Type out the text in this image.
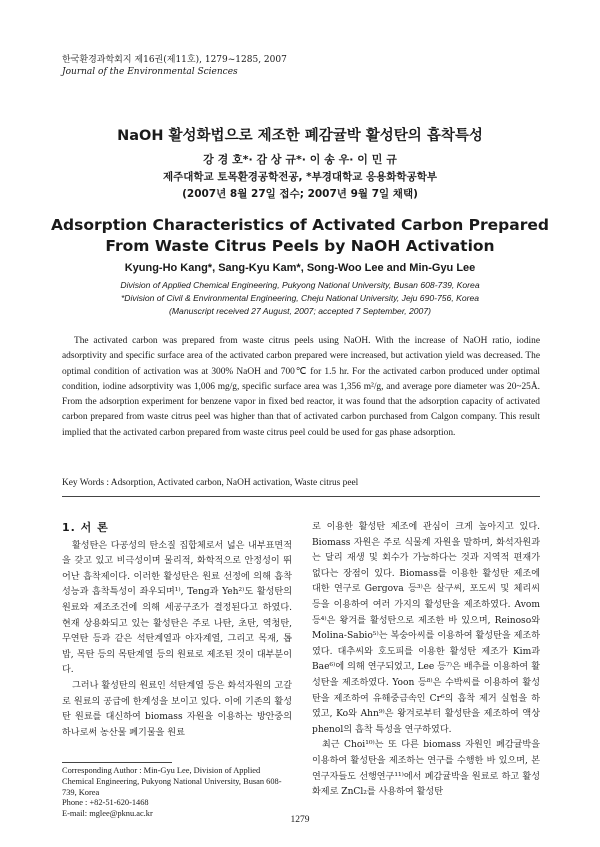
한국환경과학회지 제16권(제11호), 1279~1285, 2007
Journal of the Environmental Sciences
NaOH 활성화법으로 제조한 폐감귤박 활성탄의 흡착특성
강 경 호*· 감 상 규*· 이 송 우· 이 민 규
제주대학교 토목환경공학전공, *부경대학교 응용화학공학부
(2007년 8월 27일 접수; 2007년 9월 7일 채택)
Adsorption Characteristics of Activated Carbon Prepared
From Waste Citrus Peels by NaOH Activation
Kyung-Ho Kang*, Sang-Kyu Kam*, Song-Woo Lee and Min-Gyu Lee
Division of Applied Chemical Engineering, Pukyong National University, Busan 608-739, Korea
*Division of Civil & Environmental Engineering, Cheju National University, Jeju 690-756, Korea
(Manuscript received 27 August, 2007; accepted 7 September, 2007)

The activated carbon was prepared from waste citrus peels using NaOH. With the increase of NaOH ratio, iodine adsorptivity and specific surface area of the activated carbon prepared were increased, but activation yield was decreased. The optimal condition of activation was at 300% NaOH and 700℃ for 1.5 hr. For the activated carbon produced under optimal condition, iodine adsorptivity was 1,006 mg/g, specific surface area was 1,356 m²/g, and average pore diameter was 20~25Å. From the adsorption experiment for benzene vapor in fixed bed reactor, it was found that the adsorption capacity of activated carbon prepared from waste citrus peel was higher than that of activated carbon purchased from Calgon company. This result implied that the activated carbon prepared from waste citrus peel could be used for gas phase adsorption.

Key Words : Adsorption, Activated carbon, NaOH activation, Waste citrus peel
1. 서 론

활성탄은 다공성의 탄소질 집합체로서 넓은 내부표면적을 갖고 있고 비극성이며 물리적, 화학적으로 안정성이 뛰어난 흡착제이다. 이러한 활성탄은 원료 선정에 의해 흡착성능과 흡착특성이 좌우되며¹⁾, Teng과 Yeh²⁾도 활성탄의 원료와 제조조건에 의해 세공구조가 결정된다고 하였다. 현재 상용화되고 있는 활성탄은 주로 나탄, 초탄, 역청탄, 무연탄 등과 같은 석탄계열과 야자계열, 그리고 목재, 톱밥, 목탄 등의 목탄계열 등의 원료로 제조된 것이 대부분이다.

그러나 활성탄의 원료인 석탄계열 등은 화석자원의 고갈로 원료의 공급에 한계성을 보이고 있다. 이에 기존의 활성탄 원료를 대신하여 biomass 자원을 이용하는 방안중의 하나로써 농산물 폐기물을 원료

로 이용한 활성탄 제조에 관심이 크게 높아지고 있다. Biomass 자원은 주로 식물계 자원을 말하며, 화석자원과는 달리 재생 및 회수가 가능하다는 것과 지역적 편재가 없다는 장점이 있다. Biomass를 이용한 활성탄 제조에 대한 연구로 Gergova 등³⁾은 살구씨, 포도씨 및 체리씨 등을 이용하여 여러 가지의 활성탄을 제조하였다. Avom 등⁴⁾은 왕겨를 활성탄으로 제조한 바 있으며, Reinoso와 Molina-Sabio⁵⁾는 복숭아씨를 이용하여 활성탄을 제조하였다. 대추씨와 호도피를 이용한 활성탄 제조가 Kim과 Bae⁶⁾에 의해 연구되었고, Lee 등⁷⁾은 배추를 이용하여 활성탄을 제조하였다. Yoon 등⁸⁾은 수박씨를 이용하여 활성탄을 제조하여 유해중금속인 Cr⁶의 흡착 제거 실험을 하였고, Ko와 Ahn⁹⁾은 왕겨로부터 활성탄을 제조하여 액상 phenol의 흡착 특성을 연구하였다.

최근 Choi¹⁰⁾는 또 다른 biomass 자원인 폐감귤박을 이용하여 활성탄을 제조하는 연구를 수행한 바 있으며, 본 연구자들도 선행연구¹¹⁾에서 폐감귤박을 원료로 하고 활성화제로 ZnCl₂를 사용하여 활성탄

Corresponding Author : Min-Gyu Lee, Division of Applied Chemical Engineering, Pukyong National University, Busan 608-739, Korea
Phone : +82-51-620-1468
E-mail: mglee@pknu.ac.kr
1279
